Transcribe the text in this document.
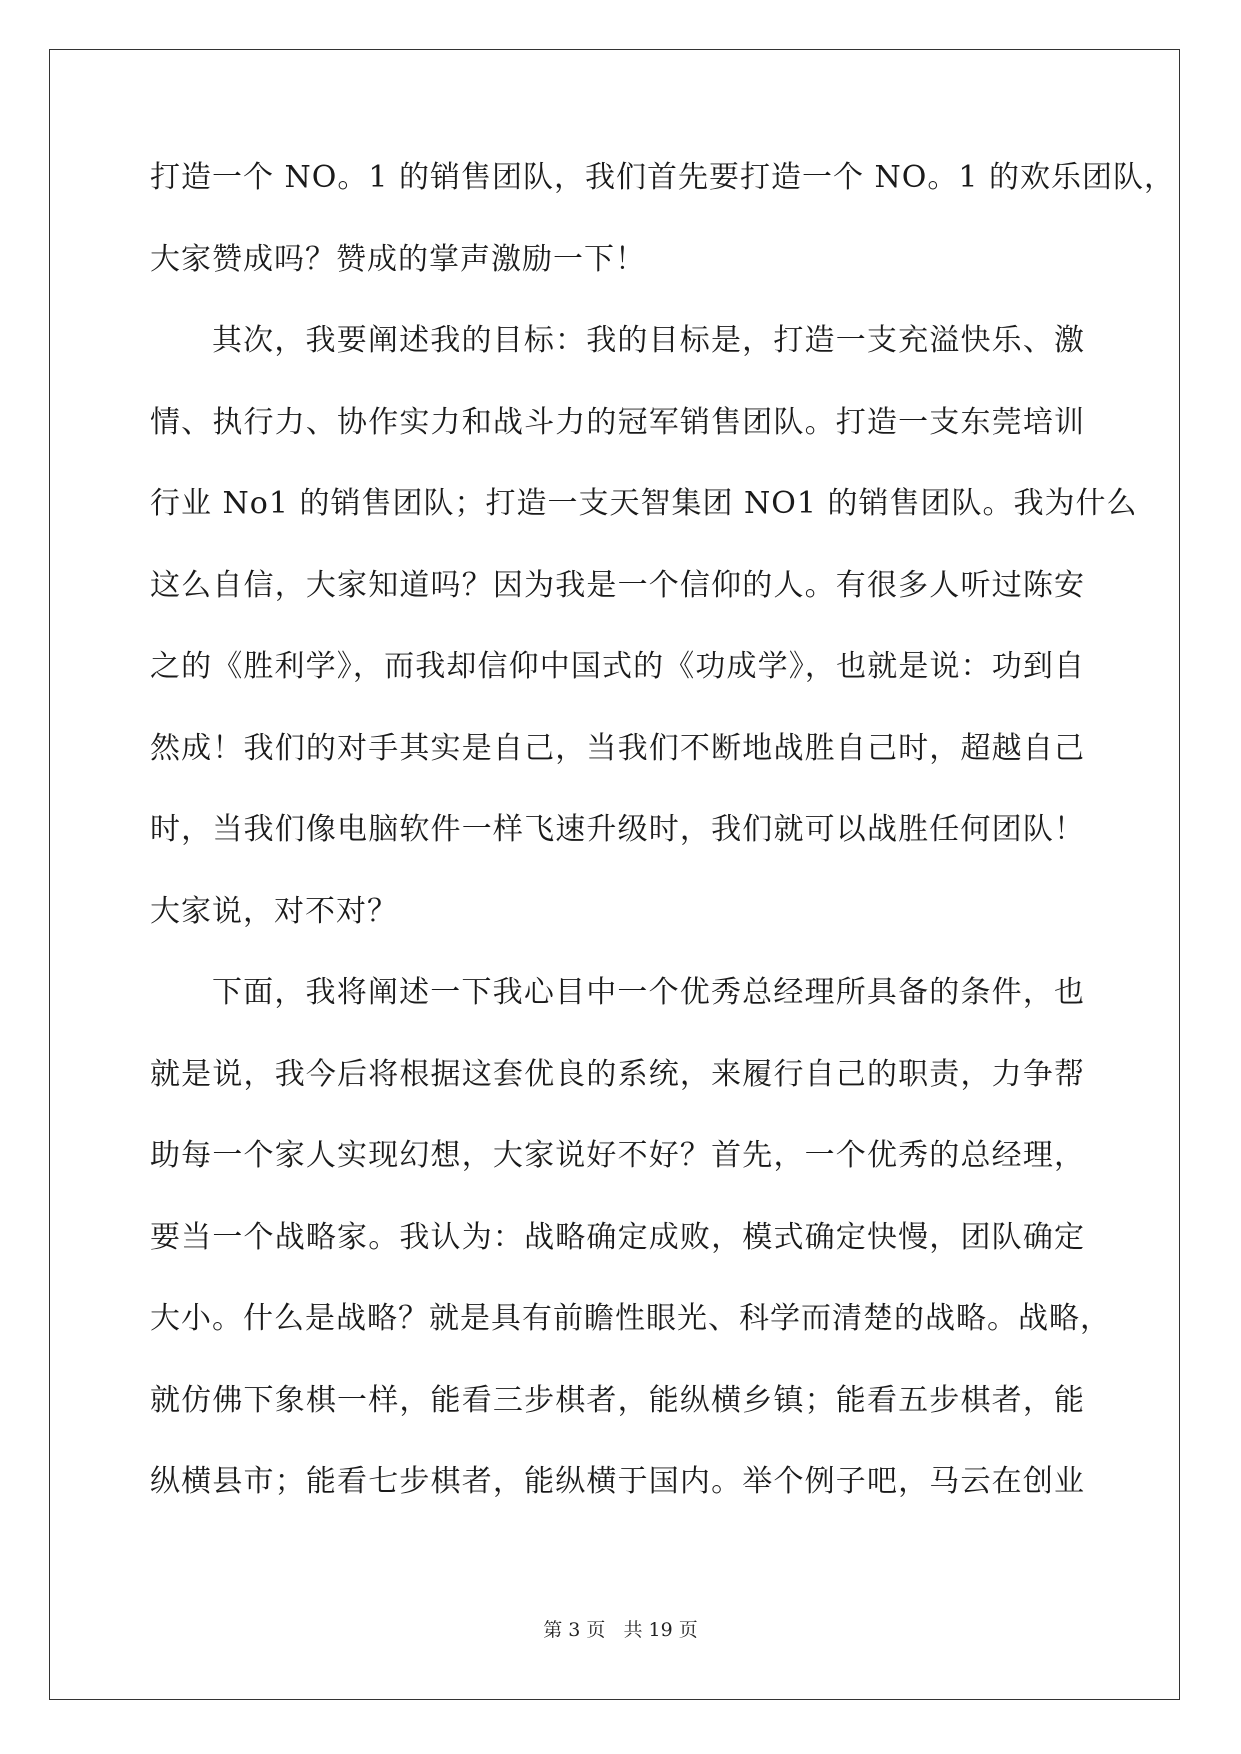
打造一个 NO。1 的销售团队，我们首先要打造一个 NO。1 的欢乐团队，
大家赞成吗？赞成的掌声激励一下！
其次，我要阐述我的目标：我的目标是，打造一支充溢快乐、激
情、执行力、协作实力和战斗力的冠军销售团队。打造一支东莞培训
行业 No1 的销售团队；打造一支天智集团 NO1 的销售团队。我为什么
这么自信，大家知道吗？因为我是一个信仰的人。有很多人听过陈安
之的《胜利学》，而我却信仰中国式的《功成学》，也就是说：功到自
然成！我们的对手其实是自己，当我们不断地战胜自己时，超越自己
时，当我们像电脑软件一样飞速升级时，我们就可以战胜任何团队！
大家说，对不对？
下面，我将阐述一下我心目中一个优秀总经理所具备的条件，也
就是说，我今后将根据这套优良的系统，来履行自己的职责，力争帮
助每一个家人实现幻想，大家说好不好？首先，一个优秀的总经理，
要当一个战略家。我认为：战略确定成败，模式确定快慢，团队确定
大小。什么是战略？就是具有前瞻性眼光、科学而清楚的战略。战略，
就仿佛下象棋一样，能看三步棋者，能纵横乡镇；能看五步棋者，能
纵横县市；能看七步棋者，能纵横于国内。举个例子吧，马云在创业
第 3 页 共 19 页
